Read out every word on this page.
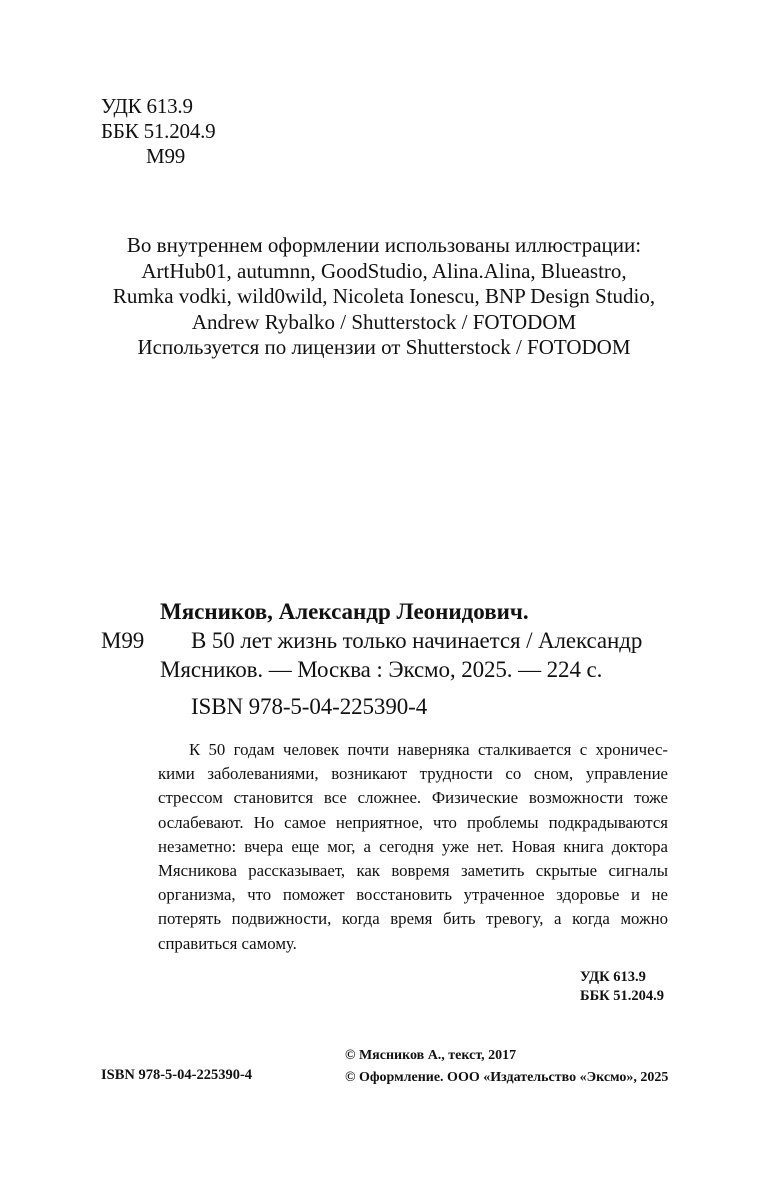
УДК 613.9
ББК 51.204.9
М99
Во внутреннем оформлении использованы иллюстрации:
ArtHub01, autumnn, GoodStudio, Alina.Alina, Blueastro,
Rumka vodki, wild0wild, Nicoleta Ionescu, BNP Design Studio,
Andrew Rybalko / Shutterstock / FOTODOM
Используется по лицензии от Shutterstock / FOTODOM
Мясников, Александр Леонидович.
М99 В 50 лет жизнь только начинается / Александр
Мясников. — Москва : Эксмо, 2025. — 224 с.
ISBN 978-5-04-225390-4
К 50 годам человек почти наверняка сталкивается с хроничес-
кими заболеваниями, возникают трудности со сном, управление
стрессом становится все сложнее. Физические возможности тоже
ослабевают. Но самое неприятное, что проблемы подкрадываются
незаметно: вчера еще мог, а сегодня уже нет. Новая книга доктора
Мясникова рассказывает, как вовремя заметить скрытые сигналы
организма, что поможет восстановить утраченное здоровье и не
потерять подвижности, когда время бить тревогу, а когда можно
справиться самому.
УДК 613.9
ББК 51.204.9
ISBN 978-5-04-225390-4
© Мясников А., текст, 2017
© Оформление. ООО «Издательство «Эксмо», 2025
